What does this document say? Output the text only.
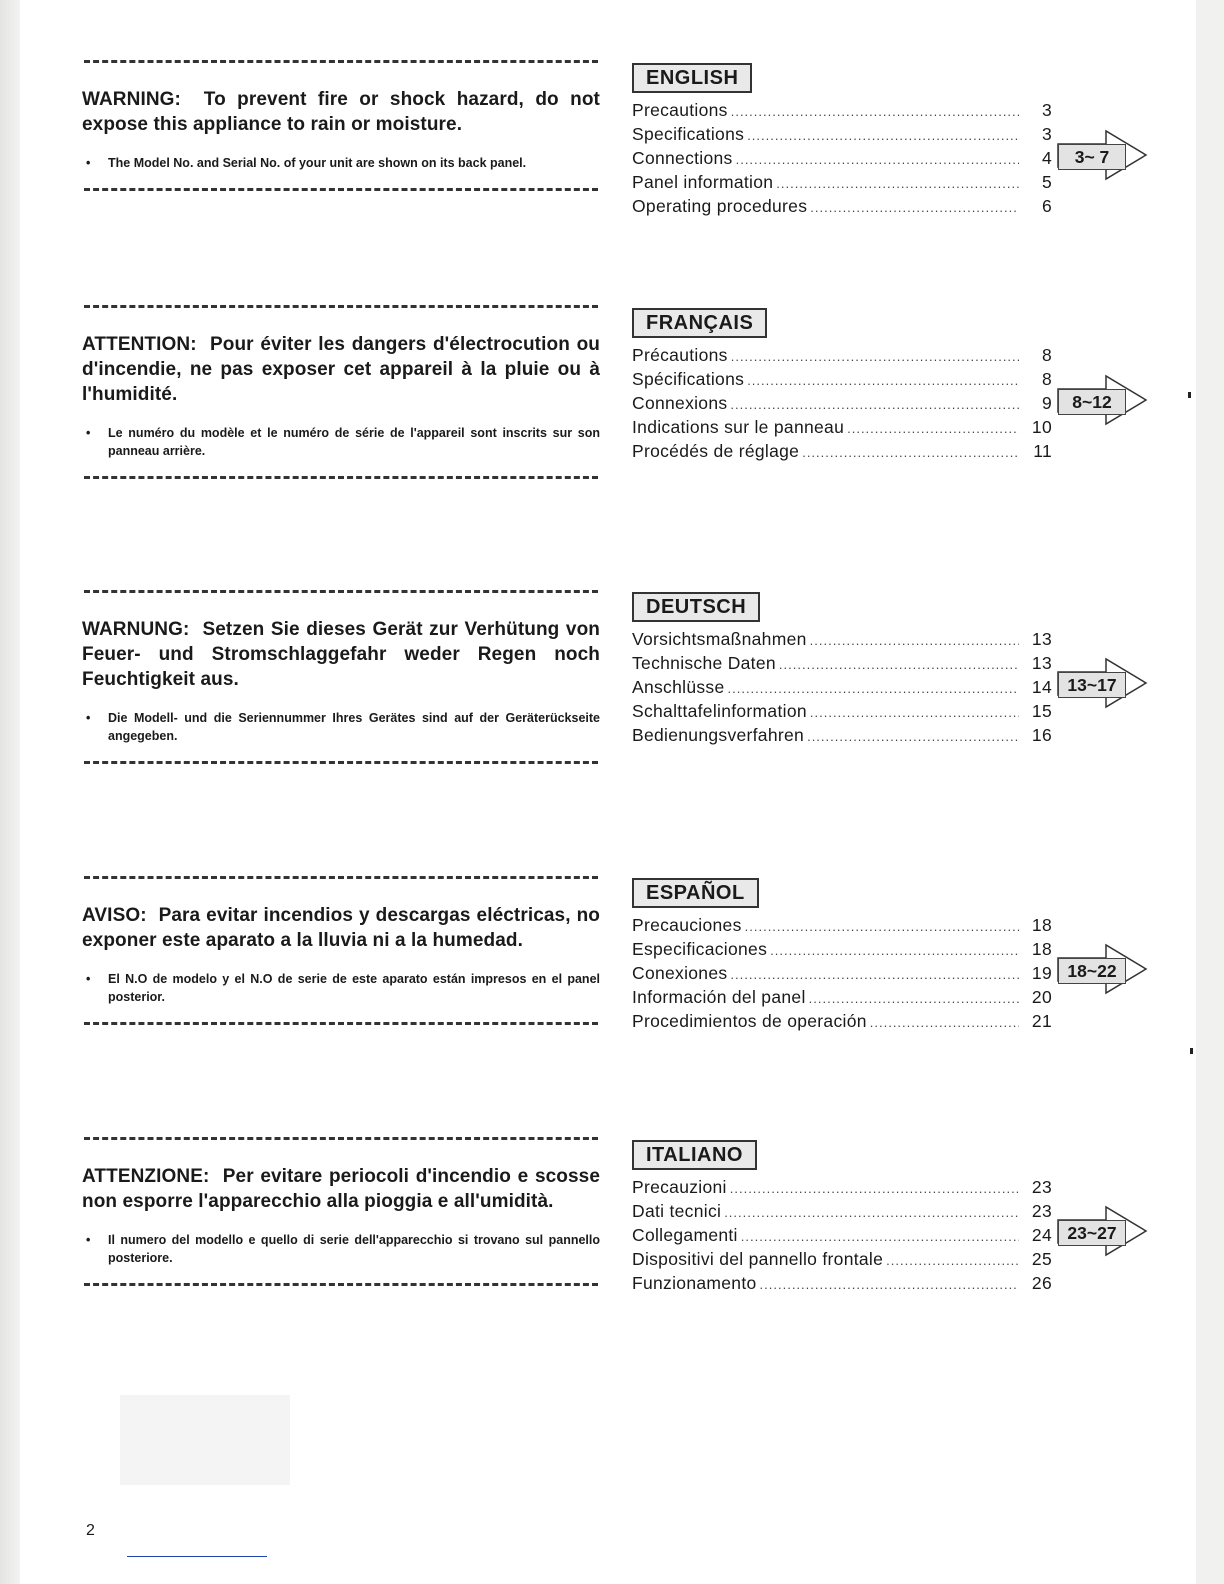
WARNING: To prevent fire or shock hazard, do not expose this appliance to rain or moisture.

•	The Model No. and Serial No. of your unit are shown on its back panel.

ATTENTION: Pour éviter les dangers d'électrocution ou d'incendie, ne pas exposer cet appareil à la pluie ou à l'humidité.

•	Le numéro du modèle et le numéro de série de l'appareil sont inscrits sur son panneau arrière.

WARNUNG: Setzen Sie dieses Gerät zur Verhütung von Feuer- und Stromschlaggefahr weder Regen noch Feuchtigkeit aus.

•	Die Modell- und die Seriennummer Ihres Gerätes sind auf der Geräterückseite angegeben.

AVISO: Para evitar incendios y descargas eléctricas, no exponer este aparato a la lluvia ni a la humedad.

•	El N.O de modelo y el N.O de serie de este aparato están impresos en el panel posterior.

ATTENZIONE: Per evitare periocoli d'incendio e scosse non esporre l'apparecchio alla pioggia e all'umidità.

•	Il numero del modello e quello di serie dell'apparecchio si trovano sul pannello posteriore.
ENGLISH
Precautions .....	3
Specifications .....	3
Connections .....	4
Panel information .....	5
Operating procedures .....	6
3~ 7
FRANÇAIS
Précautions .....	8
Spécifications .....	8
Connexions .....	9
Indications sur le panneau .....	10
Procédés de réglage .....	11
8~12
DEUTSCH
Vorsichtsmaßnahmen .....	13
Technische Daten .....	13
Anschlüsse .....	14
Schalttafelinformation .....	15
Bedienungsverfahren .....	16
13~17
ESPAÑOL
Precauciones .....	18
Especificaciones .....	18
Conexiones .....	19
Información del panel .....	20
Procedimientos de operación .....	21
18~22
ITALIANO
Precauzioni .....	23
Dati tecnici .....	23
Collegamenti .....	24
Dispositivi del pannello frontale .....	25
Funzionamento .....	26
23~27
2
